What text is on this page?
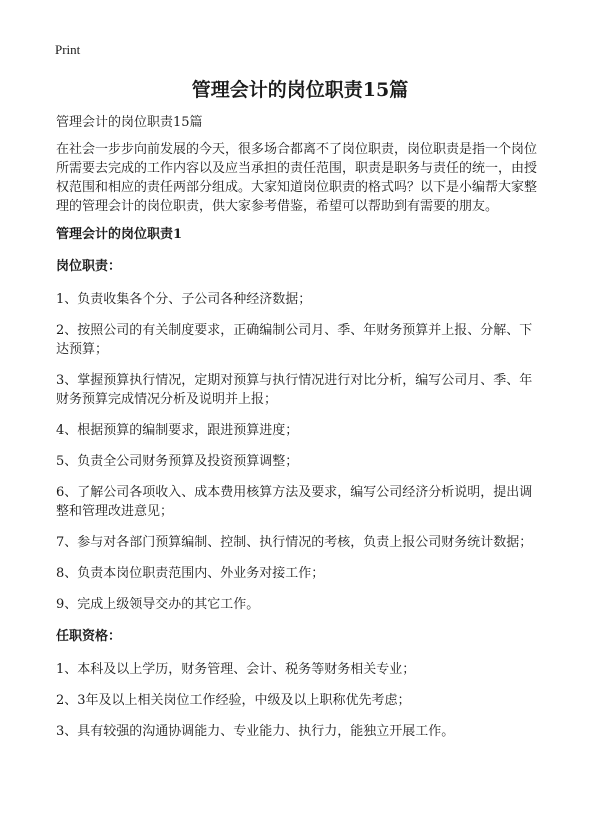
Print
管理会计的岗位职责15篇

管理会计的岗位职责15篇

在社会一步步向前发展的今天，很多场合都离不了岗位职责，岗位职责是指一个岗位所需要去完成的工作内容以及应当承担的责任范围，职责是职务与责任的统一，由授权范围和相应的责任两部分组成。大家知道岗位职责的格式吗？以下是小编帮大家整理的管理会计的岗位职责，供大家参考借鉴，希望可以帮助到有需要的朋友。

管理会计的岗位职责1
岗位职责：
1、负责收集各个分、子公司各种经济数据；
2、按照公司的有关制度要求，正确编制公司月、季、年财务预算并上报、分解、下达预算；
3、掌握预算执行情况，定期对预算与执行情况进行对比分析，编写公司月、季、年财务预算完成情况分析及说明并上报；
4、根据预算的编制要求，跟进预算进度；
5、负责全公司财务预算及投资预算调整；
6、了解公司各项收入、成本费用核算方法及要求，编写公司经济分析说明，提出调整和管理改进意见；
7、参与对各部门预算编制、控制、执行情况的考核，负责上报公司财务统计数据；
8、负责本岗位职责范围内、外业务对接工作；
9、完成上级领导交办的其它工作。
任职资格：
1、本科及以上学历，财务管理、会计、税务等财务相关专业；
2、3年及以上相关岗位工作经验，中级及以上职称优先考虑；
3、具有较强的沟通协调能力、专业能力、执行力，能独立开展工作。
